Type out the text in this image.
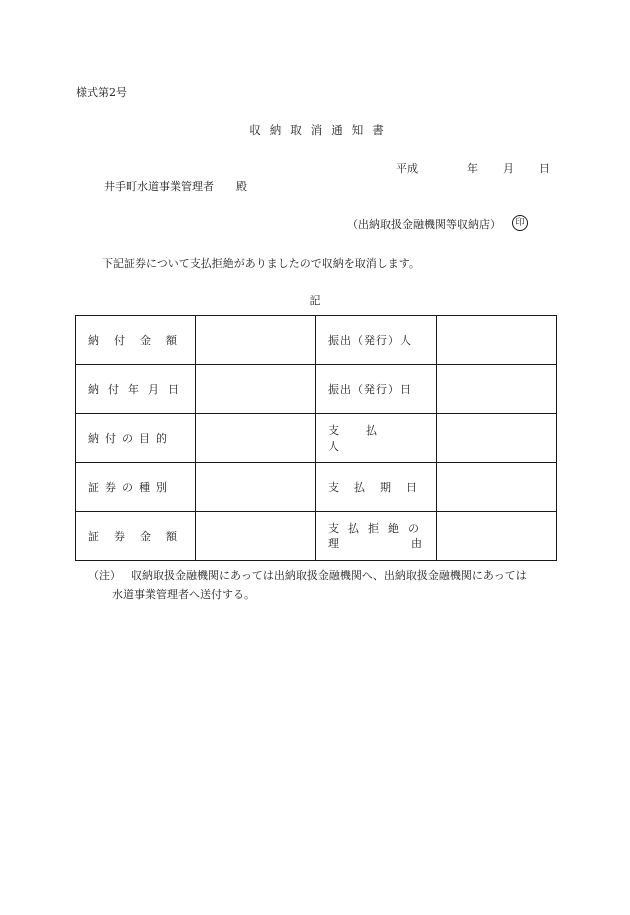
様式第2号
収納取消通知書
平成	年 月 日
井手町水道事業管理者 殿
（出納取扱金融機関等収納店）	印
下記証券について支払拒絶がありましたので収納を取消します。
記
納付金額		振出（発行）人	

納付年月日		振出（発行）日	

納付の目的		支払人	

証券の種別		支払期日	

証券金額		支払拒絶の
理 由	

（注） 収納取扱金融機関にあっては出納取扱金融機関へ、出納取扱金融機関にあっては
水道事業管理者へ送付する。
